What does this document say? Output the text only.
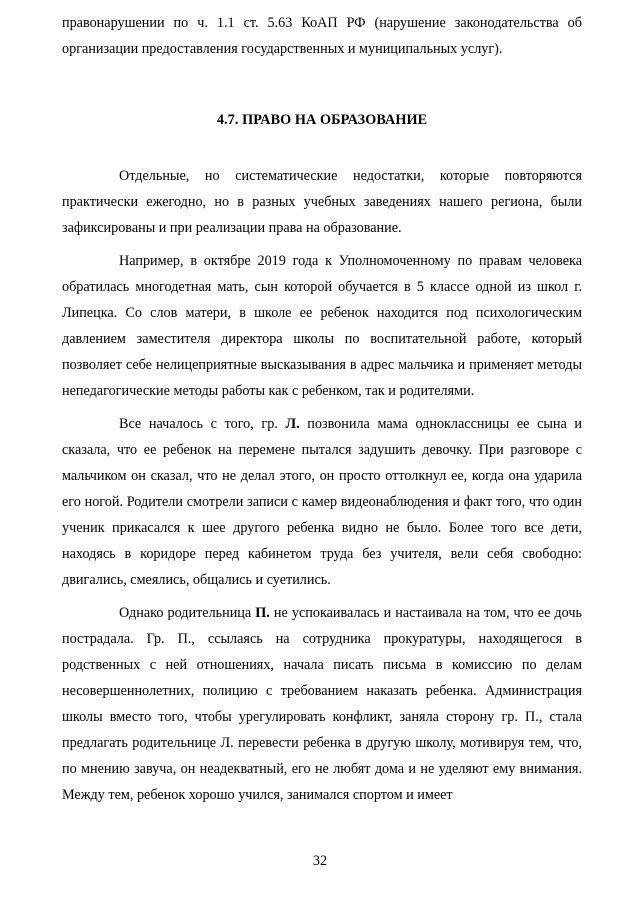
правонарушении по ч. 1.1 ст. 5.63 КоАП РФ (нарушение законодательства об организации предоставления государственных и муниципальных услуг).

4.7. ПРАВО НА ОБРАЗОВАНИЕ

Отдельные, но систематические недостатки, которые повторяются практически ежегодно, но в разных учебных заведениях нашего региона, были зафиксированы и при реализации права на образование.

Например, в октябре 2019 года к Уполномоченному по правам человека обратилась многодетная мать, сын которой обучается в 5 классе одной из школ г. Липецка. Со слов матери, в школе ее ребенок находится под психологическим давлением заместителя директора школы по воспитательной работе, который позволяет себе нелицеприятные высказывания в адрес мальчика и применяет методы непедагогические методы работы как с ребенком, так и родителями.

Все началось с того, гр. Л. позвонила мама одноклассницы ее сына и сказала, что ее ребенок на перемене пытался задушить девочку. При разговоре с мальчиком он сказал, что не делал этого, он просто оттолкнул ее, когда она ударила его ногой. Родители смотрели записи с камер видеонаблюдения и факт того, что один ученик прикасался к шее другого ребенка видно не было. Более того все дети, находясь в коридоре перед кабинетом труда без учителя, вели себя свободно: двигались, смеялись, общались и суетились.

Однако родительница П. не успокаивалась и настаивала на том, что ее дочь пострадала. Гр. П., ссылаясь на сотрудника прокуратуры, находящегося в родственных с ней отношениях, начала писать письма в комиссию по делам несовершеннолетних, полицию с требованием наказать ребенка. Администрация школы вместо того, чтобы урегулировать конфликт, заняла сторону гр. П., стала предлагать родительнице Л. перевести ребенка в другую школу, мотивируя тем, что, по мнению завуча, он неадекватный, его не любят дома и не уделяют ему внимания. Между тем, ребенок хорошо учился, занимался спортом и имеет

32
